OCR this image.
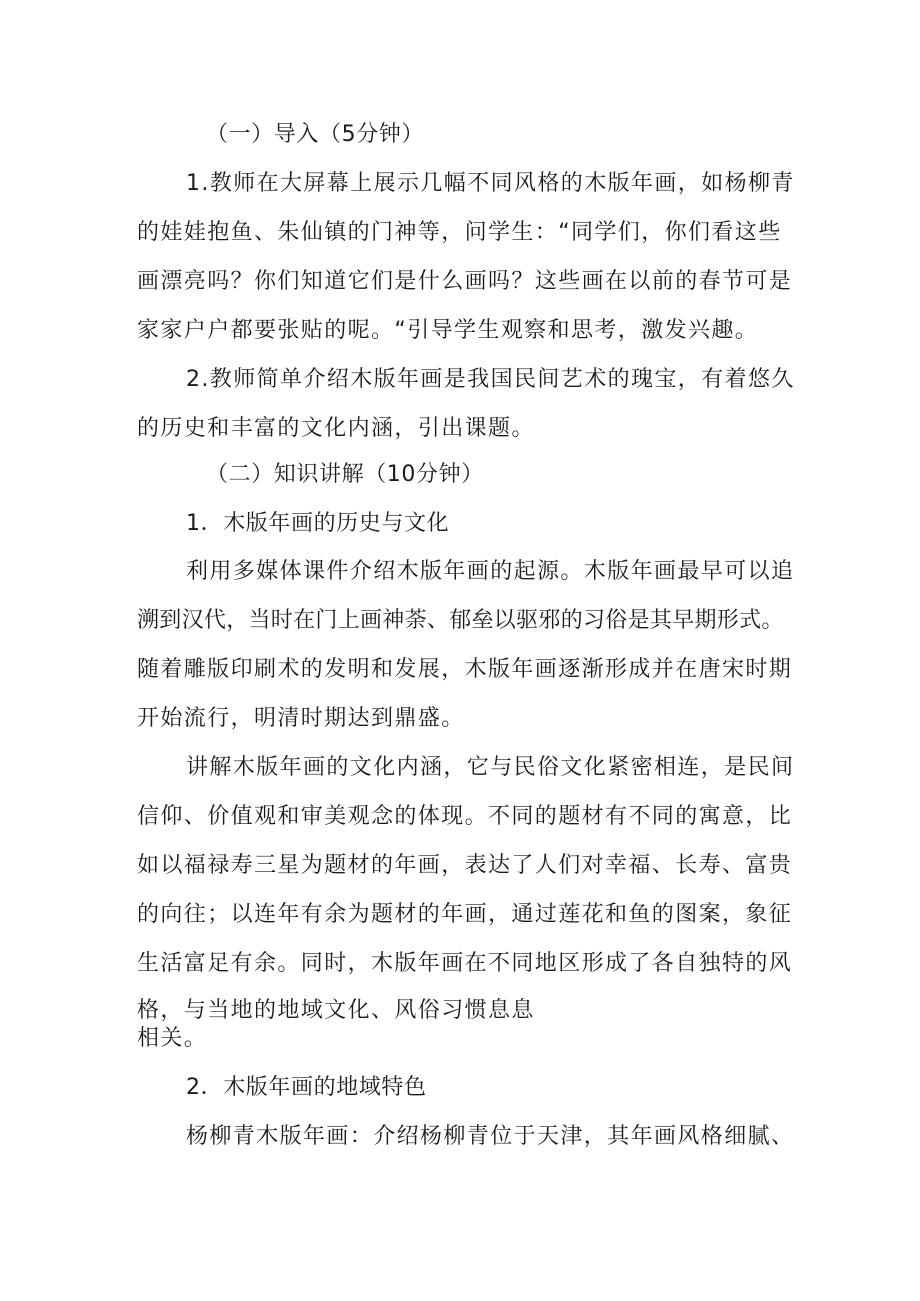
（一）导入（5分钟）
1.教师在大屏幕上展示几幅不同风格的木版年画，如杨柳青
的娃娃抱鱼、朱仙镇的门神等，问学生：“同学们，你们看这些
画漂亮吗？你们知道它们是什么画吗？这些画在以前的春节可是
家家户户都要张贴的呢。“引导学生观察和思考，激发兴趣。
2.教师简单介绍木版年画是我国民间艺术的瑰宝，有着悠久
的历史和丰富的文化内涵，引出课题。
（二）知识讲解（10分钟）
1．木版年画的历史与文化
利用多媒体课件介绍木版年画的起源。木版年画最早可以追
溯到汉代，当时在门上画神荼、郁垒以驱邪的习俗是其早期形式。
随着雕版印刷术的发明和发展，木版年画逐渐形成并在唐宋时期
开始流行，明清时期达到鼎盛。
讲解木版年画的文化内涵，它与民俗文化紧密相连，是民间
信仰、价值观和审美观念的体现。不同的题材有不同的寓意，比
如以福禄寿三星为题材的年画，表达了人们对幸福、长寿、富贵
的向往；以连年有余为题材的年画，通过莲花和鱼的图案，象征
生活富足有余。同时，木版年画在不同地区形成了各自独特的风
格，与当地的地域文化、风俗习惯息息
相关。
2．木版年画的地域特色
杨柳青木版年画：介绍杨柳青位于天津，其年画风格细腻、
